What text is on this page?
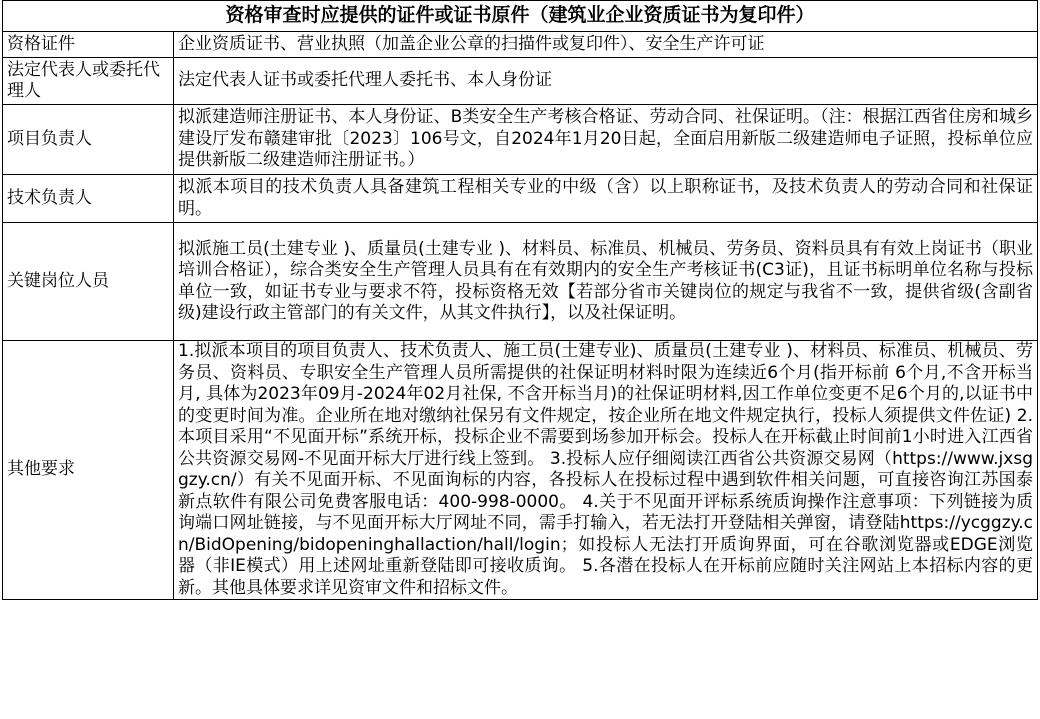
资格审查时应提供的证件或证书原件（建筑业企业资质证书为复印件）	
资格证件	企业资质证书、营业执照（加盖企业公章的扫描件或复印件）、安全生产许可证
法定代表人或委托代理人	法定代表人证书或委托代理人委托书、本人身份证
项目负责人	拟派建造师注册证书、本人身份证、B类安全生产考核合格证、劳动合同、社保证明。（注：根据江西省住房和城乡建设厅发布赣建审批〔2023〕106号文，自2024年1月20日起，全面启用新版二级建造师电子证照，投标单位应提供新版二级建造师注册证书。）
技术负责人	拟派本项目的技术负责人具备建筑工程相关专业的中级（含）以上职称证书，及技术负责人的劳动合同和社保证明。
关键岗位人员	拟派施工员(土建专业 )、质量员(土建专业 )、材料员、标准员、机械员、劳务员、资料员具有有效上岗证书（职业培训合格证），综合类安全生产管理人员具有在有效期内的安全生产考核证书(C3证)，且证书标明单位名称与投标单位一致，如证书专业与要求不符，投标资格无效【若部分省市关键岗位的规定与我省不一致，提供省级(含副省级)建设行政主管部门的有关文件，从其文件执行】，以及社保证明。
其他要求	1.拟派本项目的项目负责人、技术负责人、施工员(土建专业)、质量员(土建专业 )、材料员、标准员、机械员、劳务员、资料员、专职安全生产管理人员所需提供的社保证明材料时限为连续近6个月(指开标前 6个月,不含开标当月, 具体为2023年09月-2024年02月社保, 不含开标当月)的社保证明材料,因工作单位变更不足6个月的,以证书中的变更时间为准。企业所在地对缴纳社保另有文件规定，按企业所在地文件规定执行，投标人须提供文件佐证) 2.本项目采用“不见面开标”系统开标，投标企业不需要到场参加开标会。投标人在开标截止时间前1小时进入江西省公共资源交易网-不见面开标大厅进行线上签到。 3.投标人应仔细阅读江西省公共资源交易网（https://www.jxsggzy.cn/）有关不见面开标、不见面询标的内容，各投标人在投标过程中遇到软件相关问题，可直接咨询江苏国泰新点软件有限公司免费客服电话：400-998-0000。 4.关于不见面开评标系统质询操作注意事项：下列链接为质询端口网址链接，与不见面开标大厅网址不同，需手打输入，若无法打开登陆相关弹窗，请登陆https://ycggzy.cn/BidOpening/bidopeninghallaction/hall/login；如投标人无法打开质询界面，可在谷歌浏览器或EDGE浏览器（非IE模式）用上述网址重新登陆即可接收质询。 5.各潜在投标人在开标前应随时关注网站上本招标内容的更新。其他具体要求详见资审文件和招标文件。
